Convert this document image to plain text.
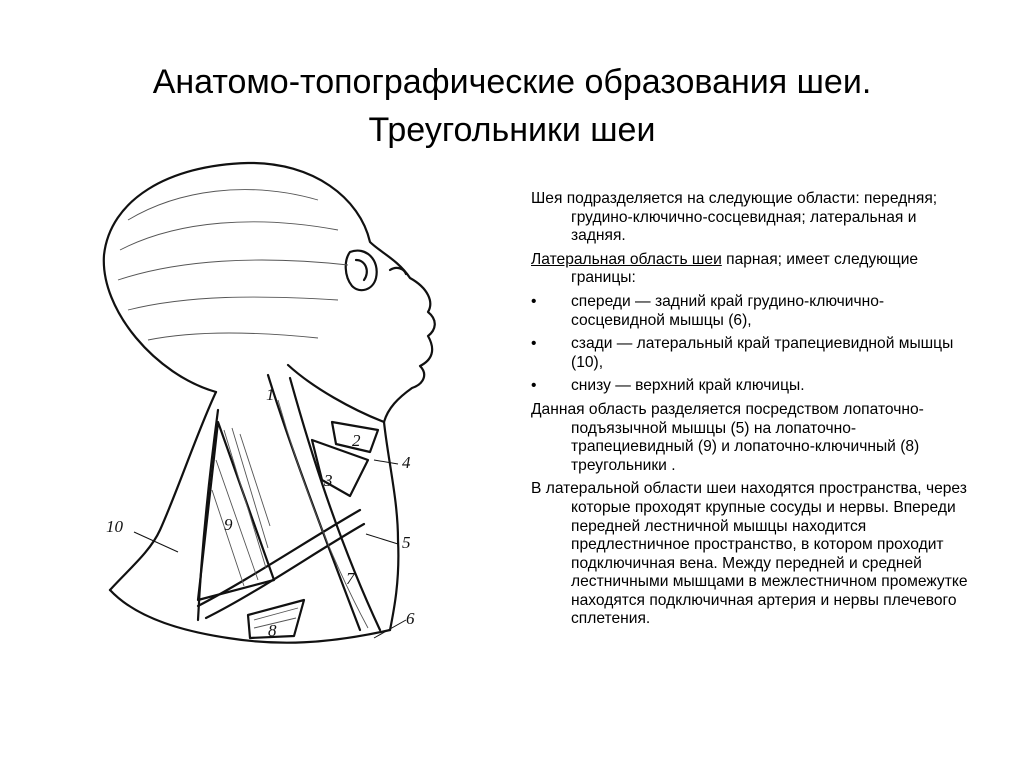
Анатомо-топографические образования шеи.
Треугольники шеи
1
2
3
4
5
6
7
8
9
10

Шея подразделяется на следующие области: передняя; грудино-ключично-сосцевидная; латеральная и задняя.

Латеральная область шеи парная; имеет следующие границы:

•	спереди — задний край грудино-ключично-сосцевидной мышцы (6),
•	сзади — латеральный край трапециевидной мышцы (10),
•	снизу — верхний край ключицы.

Данная область разделяется посредством лопаточно-подъязычной мышцы (5) на лопаточно-трапециевидный (9) и лопаточно-ключичный (8) треугольники .

В латеральной области шеи находятся пространства, через которые проходят крупные сосуды и нервы. Впереди передней лестничной мышцы находится предлестничное пространство, в котором проходит подключичная вена. Между передней и средней лестничными мышцами в межлестничном промежутке находятся подключичная артерия и нервы плечевого сплетения.
